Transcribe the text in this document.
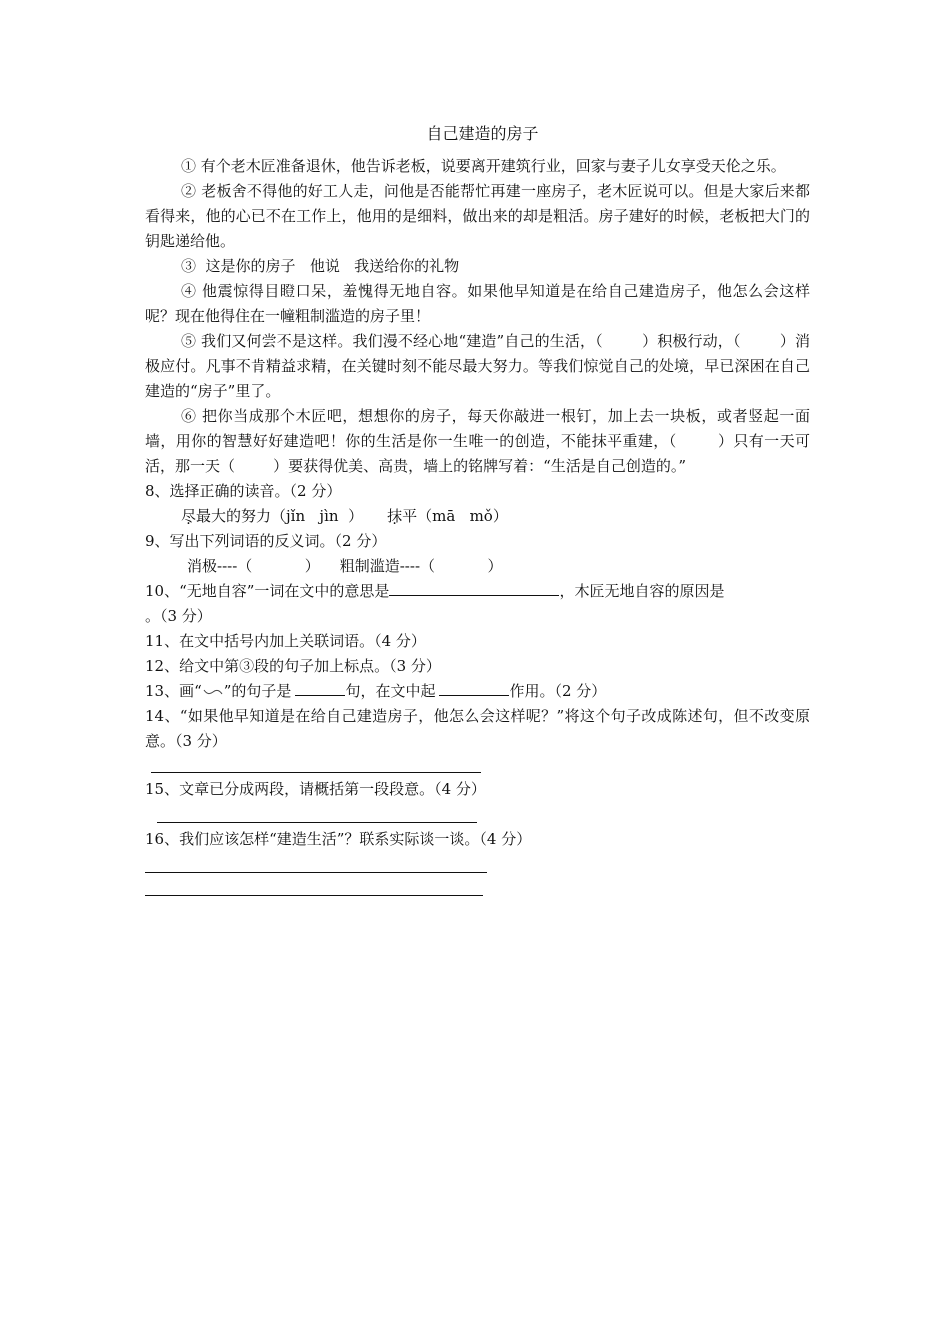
自己建造的房子

① 有个老木匠准备退休，他告诉老板，说要离开建筑行业，回家与妻子儿女享受天伦之乐。

② 老板舍不得他的好工人走，问他是否能帮忙再建一座房子，老木匠说可以。但是大家后来都看得来，他的心已不在工作上，他用的是细料，做出来的却是粗活。房子建好的时候，老板把大门的钥匙递给他。

③  这是你的房子   他说   我送给你的礼物

④ 他震惊得目瞪口呆，羞愧得无地自容。如果他早知道是在给自己建造房子，他怎么会这样呢？现在他得住在一幢粗制滥造的房子里！

⑤ 我们又何尝不是这样。我们漫不经心地“建造”自己的生活，（        ）积极行动，（        ）消极应付。凡事不肯精益求精，在关键时刻不能尽最大努力。等我们惊觉自己的处境，早已深困在自己建造的“房子”里了。

⑥ 把你当成那个木匠吧，想想你的房子，每天你敲进一根钉，加上去一块板，或者竖起一面墙，用你的智慧好好建造吧！你的生活是你一生唯一的创造，不能抹平重建，（        ）只有一天可活，那一天（        ）要获得优美、高贵，墙上的铭牌写着：“生活是自己创造的。”

8、选择正确的读音。（2 分）

尽最大的努力（jǐn   jìn  ） 抹平（mā   mǒ）

9、写出下列词语的反义词。（2 分）

消极----（           ） 粗制滥造----（           ）

10、“无地自容”一词在文中的意思是	，木匠无地自容的原因是
。（3 分）

11、在文中括号内加上关联词语。（4 分）

12、给文中第③段的句子加上标点。（3 分）

13、画“ ”的句子是	句，在文中起	作用。（2 分）

14、“如果他早知道是在给自己建造房子，他怎么会这样呢？”将这个句子改成陈述句，但不改变原意。（3 分）

15、文章已分成两段，请概括第一段段意。（4 分）

16、我们应该怎样“建造生活”？联系实际谈一谈。（4 分）
